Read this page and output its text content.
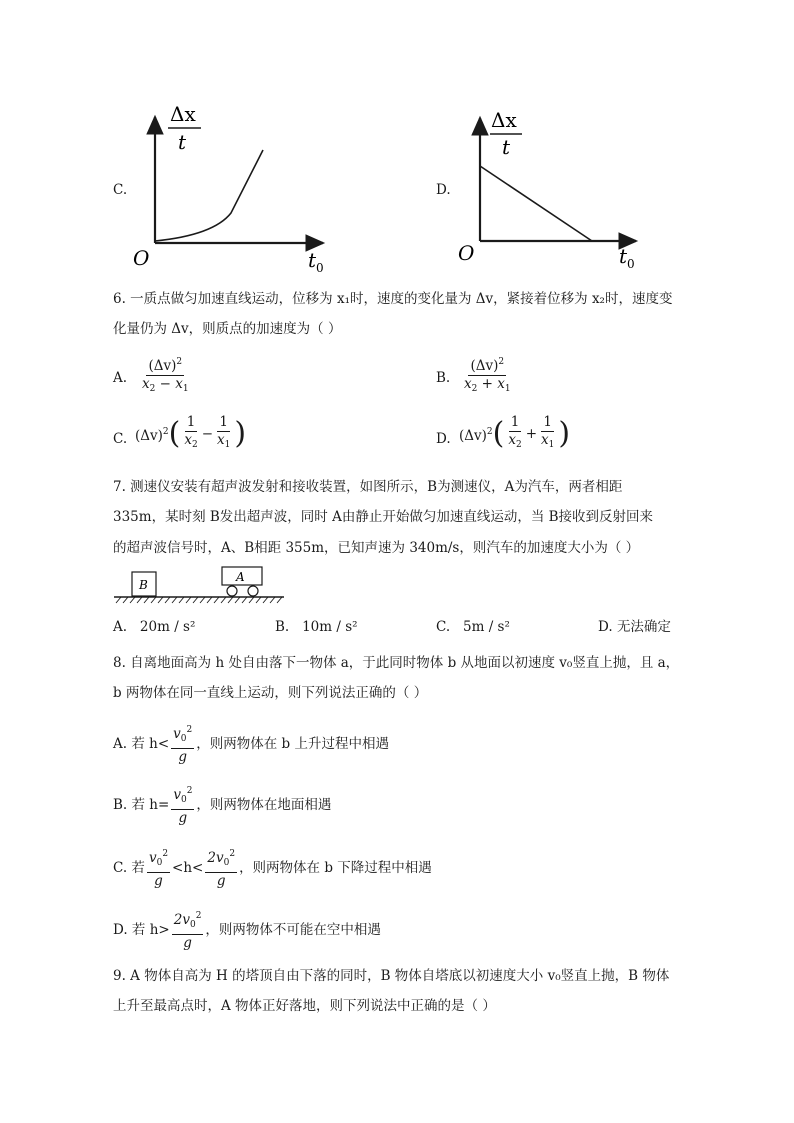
C.
Δx
t
O	t 0
D.
Δx
t
O	t 0
6. 一质点做匀加速直线运动，位移为 x₁时，速度的变化量为 Δv，紧接着位移为 x₂时，速度变
化量仍为 Δv，则质点的加速度为（ ）
A. $\frac{(\Delta v)^2}{x_2 - x_1}$	B. $\frac{(\Delta v)^2}{x_2 + x_1}$
C. $(\Delta v)^2( \frac{1}{x_2} - \frac{1}{x_1}$ )	D. $(\Delta v)^2( \frac{1}{x_2} + \frac{1}{x_1}$ )
7. 测速仪安装有超声波发射和接收装置，如图所示，B为测速仪，A为汽车，两者相距
335m，某时刻 B发出超声波，同时 A由静止开始做匀加速直线运动，当 B接收到反射回来
的超声波信号时，A、B相距 355m，已知声速为 340m/s，则汽车的加速度大小为（ ）
B
A
A. 20m / s²	B. 10m / s²	C. 5m / s²	D. 无法确定
8. 自离地面高为 h 处自由落下一物体 a，于此同时物体 b 从地面以初速度 v₀竖直上抛，且 a，
b 两物体在同一直线上运动，则下列说法正确的（ ）
A. 若 $h< \frac{v_0^2}{g}$ ，则两物体在 b 上升过程中相遇
B. 若 $h= \frac{v_0^2}{g}$ ，则两物体在地面相遇
C. 若 $\frac{v_0^2}{g} <h< \frac{2v_0^2}{g}$ ，则两物体在 b 下降过程中相遇
D. 若 $h> \frac{2v_0^2}{g}$ ，则两物体不可能在空中相遇
9. A 物体自高为 H 的塔顶自由下落的同时，B 物体自塔底以初速度大小 v₀竖直上抛，B 物体
上升至最高点时，A 物体正好落地，则下列说法中正确的是（ ）
